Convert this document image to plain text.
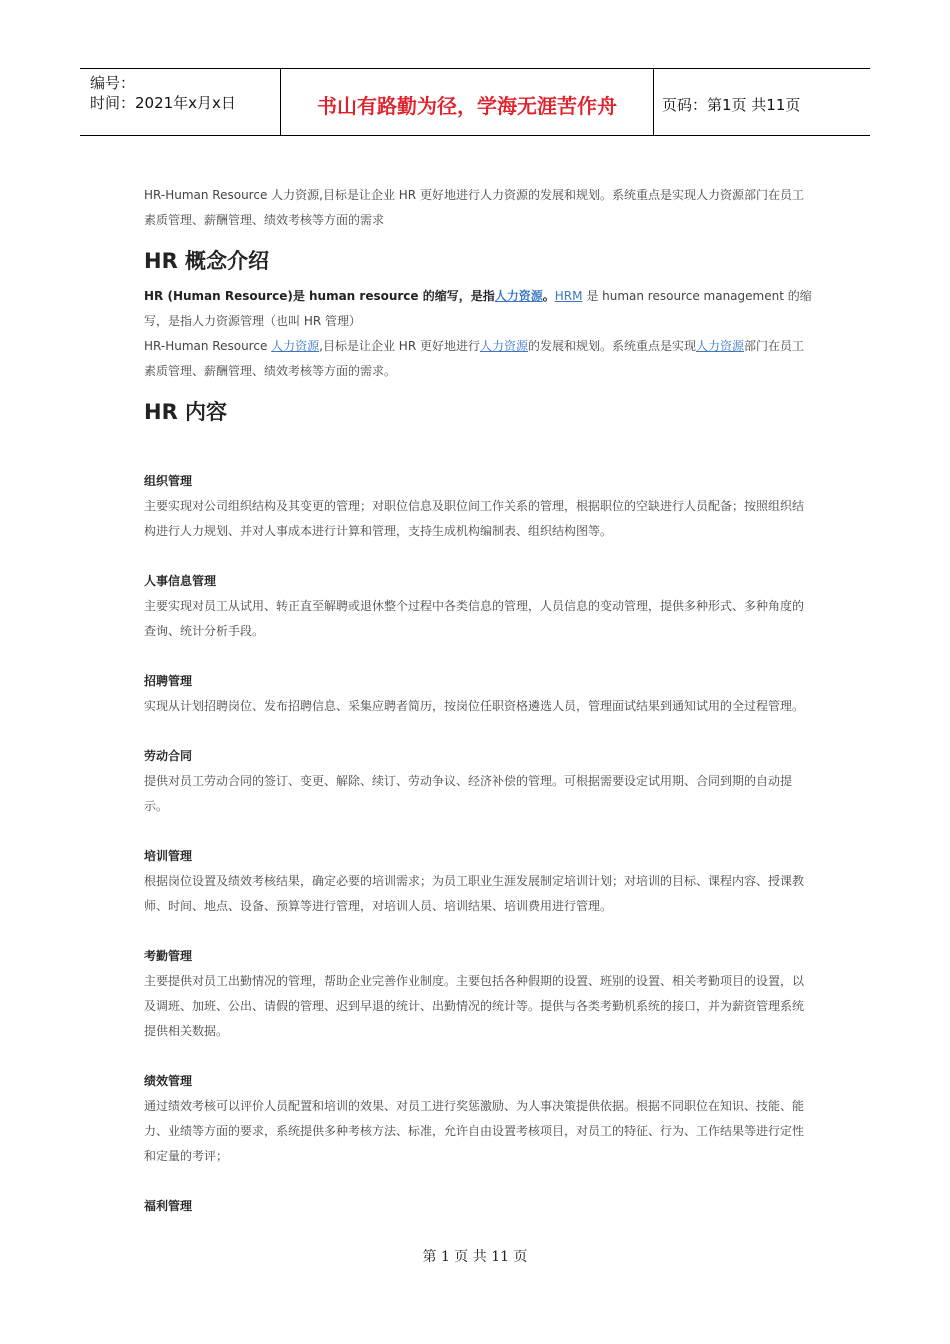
编号：
时间：2021年x月x日	书山有路勤为径，学海无涯苦作舟	页码：第1页 共11页

HR-Human Resource 人力资源,目标是让企业 HR 更好地进行人力资源的发展和规划。系统重点是实现人力资源部门在员工素质管理、薪酬管理、绩效考核等方面的需求

HR 概念介绍

HR (Human Resource)是 human resource 的缩写，是指人力资源。HRM 是 human resource management 的缩写，是指人力资源管理（也叫 HR 管理）

HR-Human Resource 人力资源,目标是让企业 HR 更好地进行人力资源的发展和规划。系统重点是实现人力资源部门在员工素质管理、薪酬管理、绩效考核等方面的需求。

HR 内容
组织管理

主要实现对公司组织结构及其变更的管理；对职位信息及职位间工作关系的管理，根据职位的空缺进行人员配备；按照组织结构进行人力规划、并对人事成本进行计算和管理，支持生成机构编制表、组织结构图等。

人事信息管理

主要实现对员工从试用、转正直至解聘或退休整个过程中各类信息的管理，人员信息的变动管理，提供多种形式、多种角度的查询、统计分析手段。

招聘管理

实现从计划招聘岗位、发布招聘信息、采集应聘者简历，按岗位任职资格遴选人员，管理面试结果到通知试用的全过程管理。

劳动合同

提供对员工劳动合同的签订、变更、解除、续订、劳动争议、经济补偿的管理。可根据需要设定试用期、合同到期的自动提示。

培训管理

根据岗位设置及绩效考核结果，确定必要的培训需求；为员工职业生涯发展制定培训计划；对培训的目标、课程内容、授课教师、时间、地点、设备、预算等进行管理，对培训人员、培训结果、培训费用进行管理。

考勤管理

主要提供对员工出勤情况的管理，帮助企业完善作业制度。主要包括各种假期的设置、班别的设置、相关考勤项目的设置，以及调班、加班、公出、请假的管理、迟到早退的统计、出勤情况的统计等。提供与各类考勤机系统的接口，并为薪资管理系统提供相关数据。

绩效管理

通过绩效考核可以评价人员配置和培训的效果、对员工进行奖惩激励、为人事决策提供依据。根据不同职位在知识、技能、能力、业绩等方面的要求，系统提供多种考核方法、标准，允许自由设置考核项目，对员工的特征、行为、工作结果等进行定性和定量的考评；

福利管理

第 1 页 共 11 页
